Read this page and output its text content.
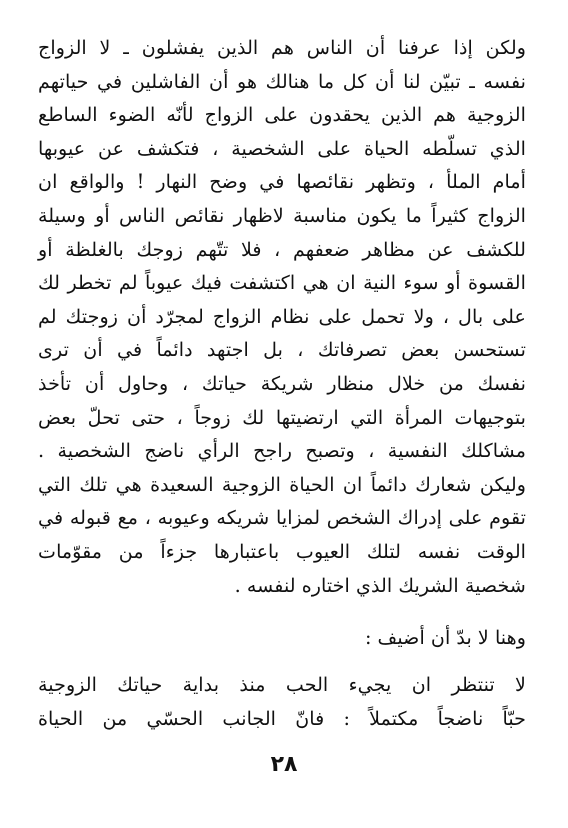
ولكن إذا عرفنا أن الناس هم الذين يفشلون ـ لا الزواج
نفسه ـ تبيّن لنا أن كل ما هنالك هو أن الفاشلين في حياتهم
الزوجية هم الذين يحقدون على الزواج لأنّه الضوء الساطع
الذي تسلّطه الحياة على الشخصية ، فتكشف عن عيوبها
أمام الملأ ، وتظهر نقائصها في وضح النهار ! والواقع ان
الزواج كثيراً ما يكون مناسبة لاظهار نقائص الناس أو وسيلة
للكشف عن مظاهر ضعفهم ، فلا تتّهم زوجك بالغلظة أو
القسوة أو سوء النية ان هي اكتشفت فيك عيوباً لم تخطر لك
على بال ، ولا تحمل على نظام الزواج لمجرّد أن زوجتك لم
تستحسن بعض تصرفاتك ، بل اجتهد دائماً في أن ترى
نفسك من خلال منظار شريكة حياتك ، وحاول أن تأخذ
بتوجيهات المرأة التي ارتضيتها لك زوجاً ، حتى تحلّ بعض
مشاكلك النفسية ، وتصبح راجح الرأي ناضج الشخصية .
وليكن شعارك دائماً ان الحياة الزوجية السعيدة هي تلك التي
تقوم على إدراك الشخص لمزايا شريكه وعيوبه ، مع قبوله في
الوقت نفسه لتلك العيوب باعتبارها جزءاً من مقوّمات
شخصية الشريك الذي اختاره لنفسه .
وهنا لا بدّ أن أضيف :
لا تنتظر ان يجيء الحب منذ بداية حياتك الزوجية
حبّاً ناضجاً مكتملاً : فانّ الجانب الحسّي من الحياة
٢٨
